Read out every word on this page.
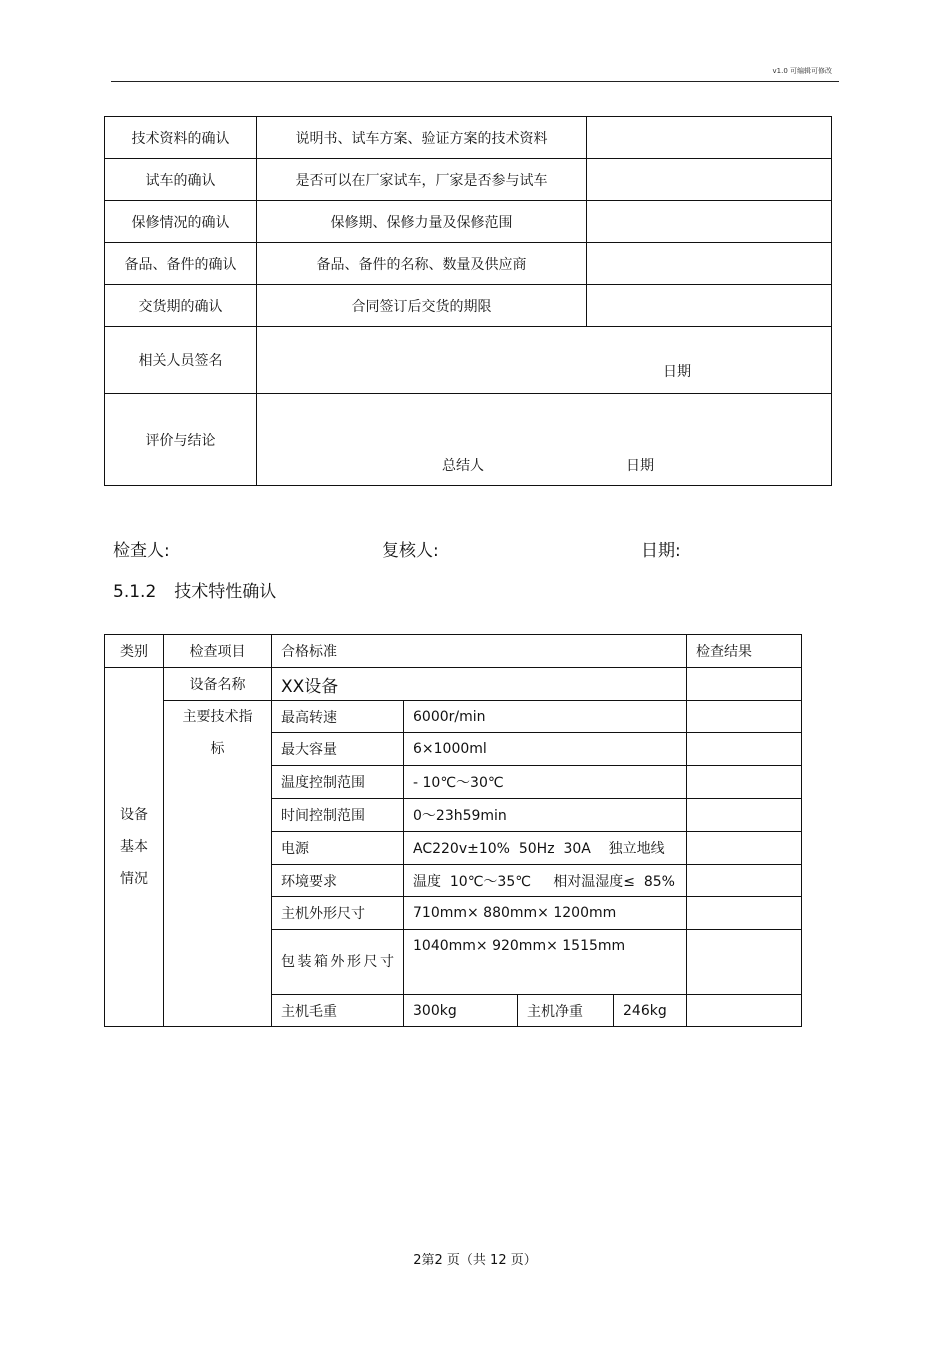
v1.0 可编辑可修改
技术资料的确认	说明书、试车方案、验证方案的技术资料	
试车的确认	是否可以在厂家试车，厂家是否参与试车	
保修情况的确认	保修期、保修力量及保修范围	
备品、备件的确认	备品、备件的名称、数量及供应商	
交货期的确认	合同签订后交货的期限	
相关人员签名	日期	

评价与结论	总结人 日期	
检查人:	复核人:	日期:
5.1.2 技术特性确认
类别	检查项目	合格标准				检查结果
设备
基本
情况	设备名称	XX设备				
	主要技术指
标	最高转速	6000r/min			
		最大容量	6×1000ml			
		温度控制范围	- 10℃～30℃			
		时间控制范围	0～23h59min			
		电源	AC220v±10%  50Hz  30A    独立地线			
		环境要求	温度  10℃～35℃     相对温湿度≤  85%			
		主机外形尺寸	710mm× 880mm× 1200mm			
		包装箱外形尺寸	1040mm× 920mm× 1515mm			
		主机毛重	300kg	主机净重	246kg	
2第2 页（共 12 页）
